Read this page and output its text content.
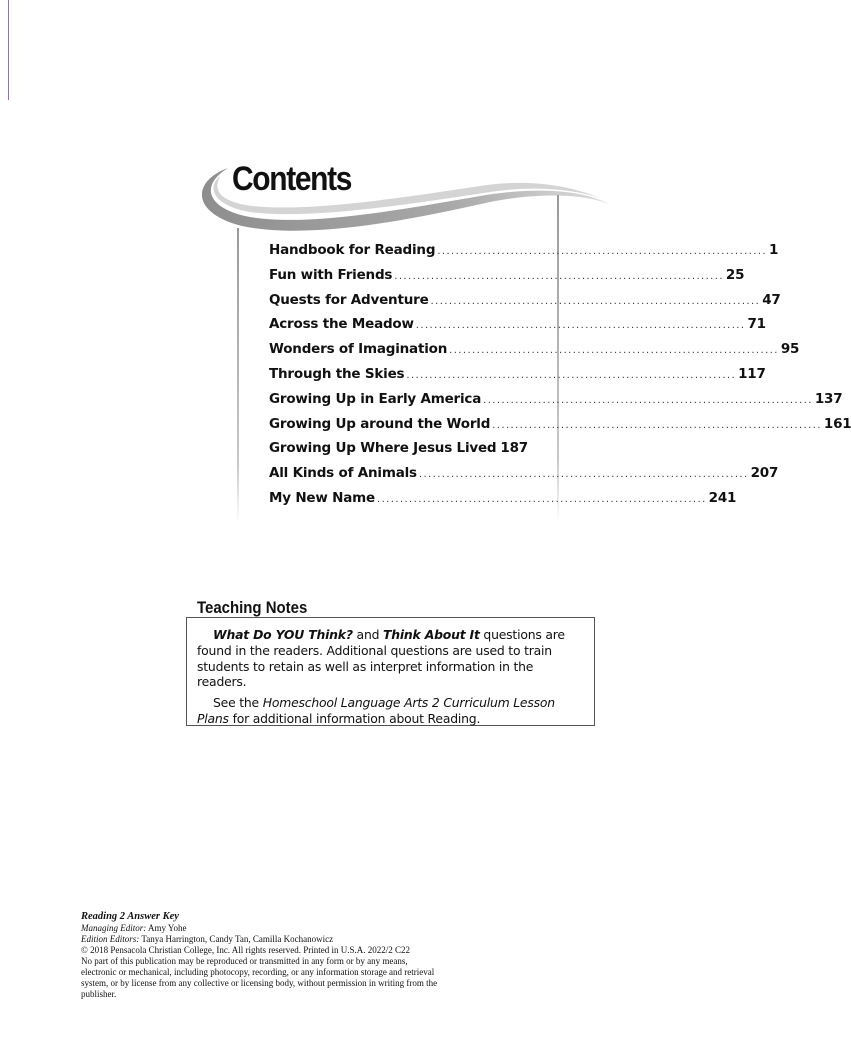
Contents
Handbook for Reading ........................................................................ 1
Fun with Friends ........................................................................ 25
Quests for Adventure ........................................................................ 47
Across the Meadow ........................................................................ 71
Wonders of Imagination ........................................................................ 95
Through the Skies ........................................................................ 117
Growing Up in Early America ........................................................................ 137
Growing Up around the World ........................................................................ 161
Growing Up Where Jesus Lived 187
All Kinds of Animals ........................................................................ 207
My New Name ........................................................................ 241
Teaching Notes

What Do YOU Think? and Think About It questions are found in the readers. Additional questions are used to train students to retain as well as interpret information in the readers.

See the Homeschool Language Arts 2 Curriculum Lesson Plans for additional information about Reading.

Reading 2 Answer Key
Managing Editor: Amy Yohe
Edition Editors: Tanya Harrington, Candy Tan, Camilla Kochanowicz
© 2018 Pensacola Christian College, Inc. All rights reserved. Printed in U.S.A. 2022/2 C22
No part of this publication may be reproduced or transmitted in any form or by any means, electronic or mechanical, including photocopy, recording, or any information storage and retrieval system, or by license from any collective or licensing body, without permission in writing from the publisher.
